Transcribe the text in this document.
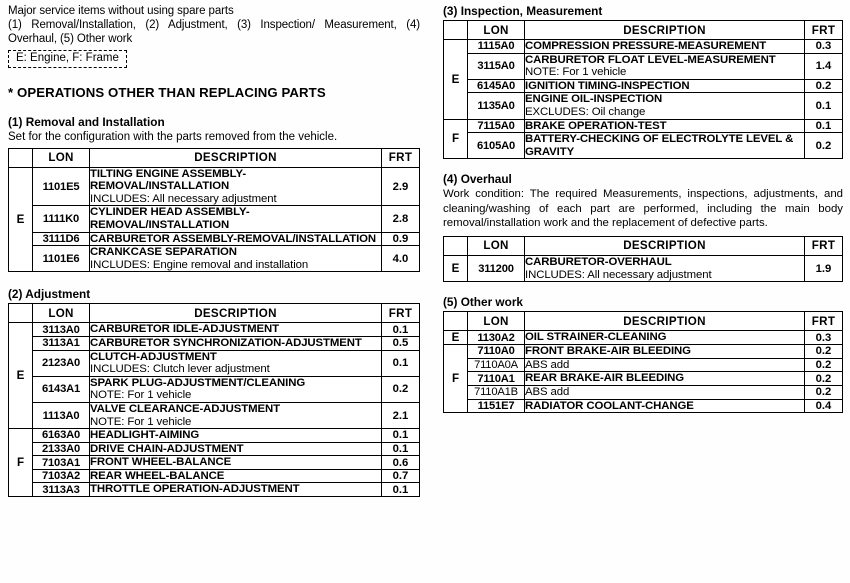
Major service items without using spare parts
(1) Removal/Installation, (2) Adjustment, (3) Inspection/ Measurement, (4) Overhaul, (5) Other work
E: Engine, F: Frame
* OPERATIONS OTHER THAN REPLACING PARTS
(1) Removal and Installation
Set for the configuration with the parts removed from the vehicle.
	LON	DESCRIPTION	FRT
E	1101E5	TILTING ENGINE ASSEMBLY-REMOVAL/INSTALLATION
INCLUDES: All necessary adjustment	2.9
	1111K0	CYLINDER HEAD ASSEMBLY-REMOVAL/INSTALLATION	2.8
	3111D6	CARBURETOR ASSEMBLY-REMOVAL/INSTALLATION	0.9
	1101E6	CRANKCASE SEPARATION
INCLUDES: Engine removal and installation	4.0
(2) Adjustment
	LON	DESCRIPTION	FRT
E	3113A0	CARBURETOR IDLE-ADJUSTMENT	0.1
	3113A1	CARBURETOR SYNCHRONIZATION-ADJUSTMENT	0.5
	2123A0	CLUTCH-ADJUSTMENT
INCLUDES: Clutch lever adjustment	0.1
	6143A1	SPARK PLUG-ADJUSTMENT/CLEANING
NOTE: For 1 vehicle	0.2
	1113A0	VALVE CLEARANCE-ADJUSTMENT
NOTE: For 1 vehicle	2.1
F	6163A0	HEADLIGHT-AIMING	0.1
	2133A0	DRIVE CHAIN-ADJUSTMENT	0.1
	7103A1	FRONT WHEEL-BALANCE	0.6
	7103A2	REAR WHEEL-BALANCE	0.7
	3113A3	THROTTLE OPERATION-ADJUSTMENT	0.1
(3) Inspection, Measurement
	LON	DESCRIPTION	FRT
E	1115A0	COMPRESSION PRESSURE-MEASUREMENT	0.3
	3115A0	CARBURETOR FLOAT LEVEL-MEASUREMENT
NOTE: For 1 vehicle	1.4
	6145A0	IGNITION TIMING-INSPECTION	0.2
	1135A0	ENGINE OIL-INSPECTION
EXCLUDES: Oil change	0.1
F	7115A0	BRAKE OPERATION-TEST	0.1
	6105A0	BATTERY-CHECKING OF ELECTROLYTE LEVEL & GRAVITY	0.2
(4) Overhaul
Work condition: The required Measurements, inspections, adjustments, and cleaning/washing of each part are performed, including the main body removal/installation work and the replacement of defective parts.
	LON	DESCRIPTION	FRT
E	311200	CARBURETOR-OVERHAUL
INCLUDES: All necessary adjustment	1.9
(5) Other work
	LON	DESCRIPTION	FRT
E	1130A2	OIL STRAINER-CLEANING	0.3
F	7110A0	FRONT BRAKE-AIR BLEEDING	0.2
	7110A0A	ABS add	0.2
	7110A1	REAR BRAKE-AIR BLEEDING	0.2
	7110A1B	ABS add	0.2
	1151E7	RADIATOR COOLANT-CHANGE	0.4
